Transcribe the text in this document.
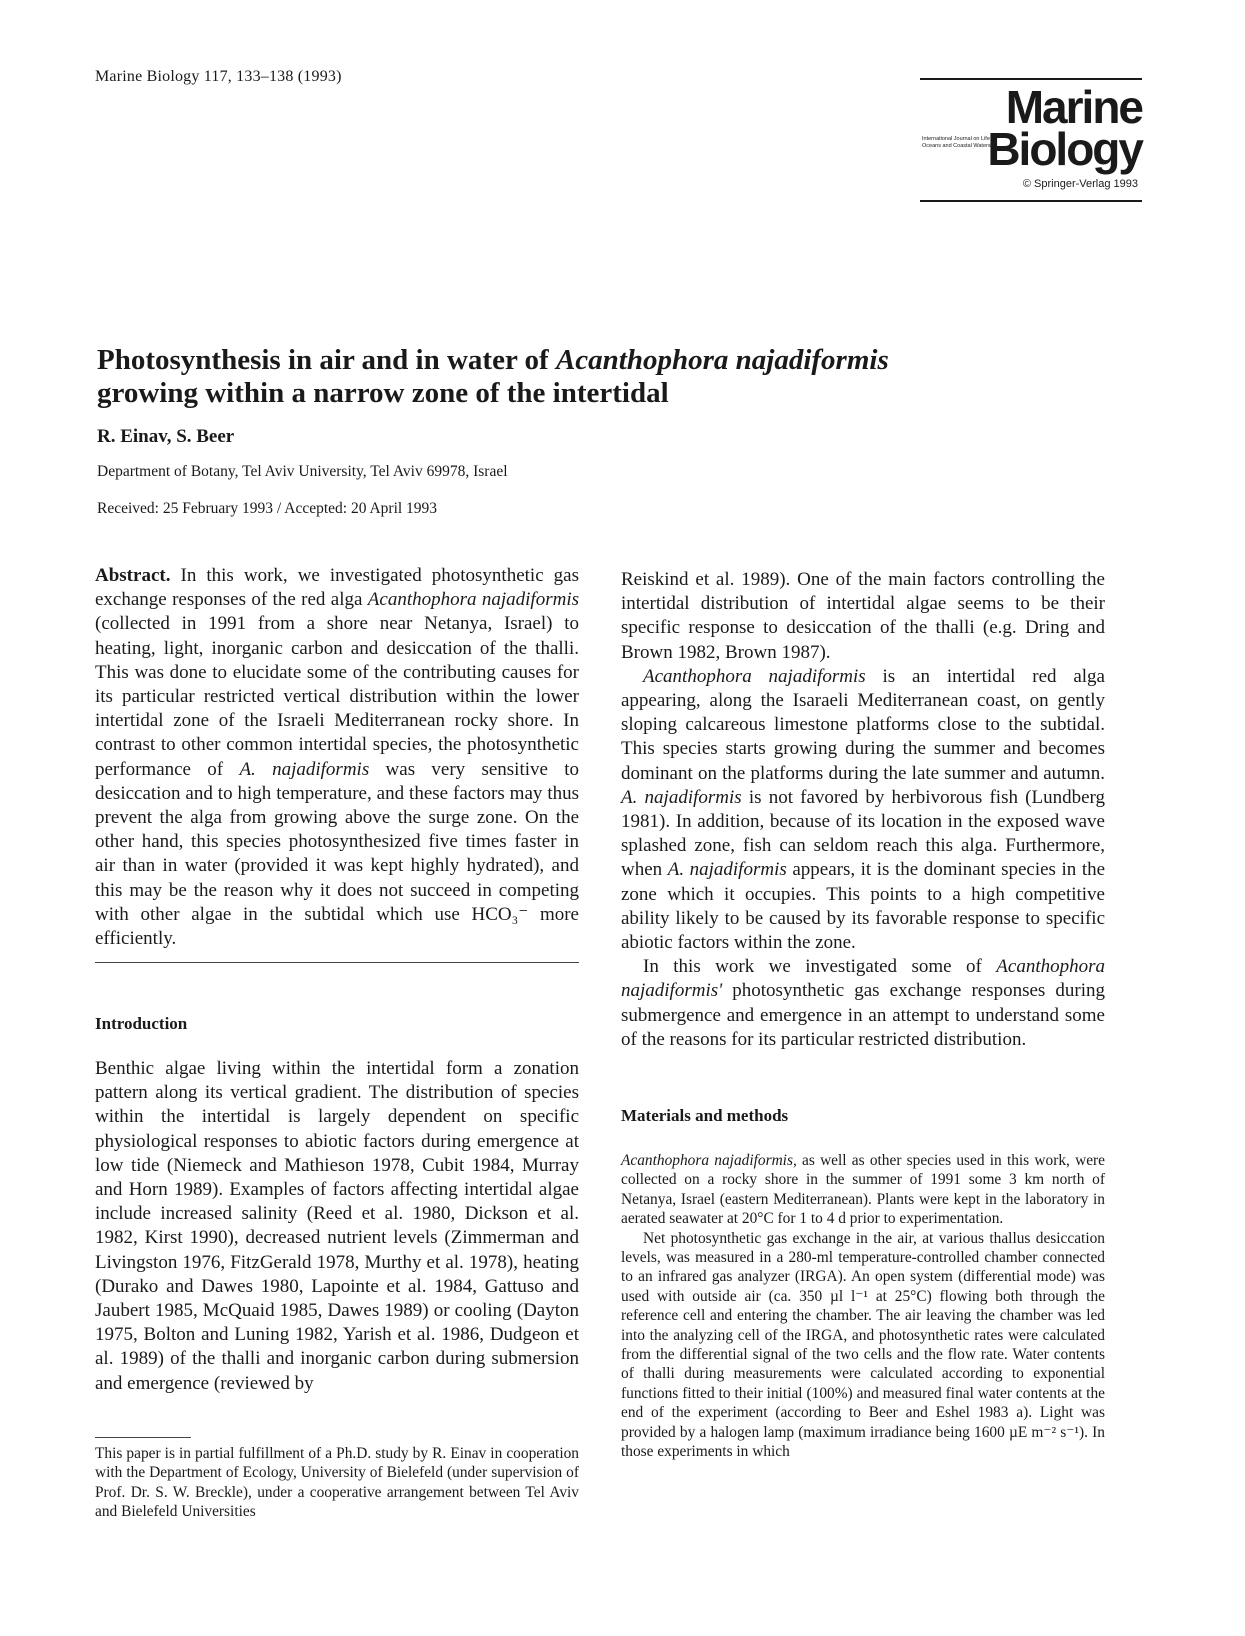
Marine Biology 117, 133–138 (1993)
Marine
International Journal on Life in Oceans and Coastal Waters
Biology
© Springer-Verlag 1993
Photosynthesis in air and in water of Acanthophora najadiformis
growing within a narrow zone of the intertidal
R. Einav, S. Beer
Department of Botany, Tel Aviv University, Tel Aviv 69978, Israel
Received: 25 February 1993 / Accepted: 20 April 1993

Abstract. In this work, we investigated photosynthetic gas exchange responses of the red alga Acanthophora najadiformis (collected in 1991 from a shore near Netanya, Israel) to heating, light, inorganic carbon and desiccation of the thalli. This was done to elucidate some of the contributing causes for its particular restricted vertical distribution within the lower intertidal zone of the Israeli Mediterranean rocky shore. In contrast to other common intertidal species, the photosynthetic performance of A. najadiformis was very sensitive to desiccation and to high temperature, and these factors may thus prevent the alga from growing above the surge zone. On the other hand, this species photosynthesized five times faster in air than in water (provided it was kept highly hydrated), and this may be the reason why it does not succeed in competing with other algae in the subtidal which use HCO₃⁻ more efficiently.

Introduction

Benthic algae living within the intertidal form a zonation pattern along its vertical gradient. The distribution of species within the intertidal is largely dependent on specific physiological responses to abiotic factors during emergence at low tide (Niemeck and Mathieson 1978, Cubit 1984, Murray and Horn 1989). Examples of factors affecting intertidal algae include increased salinity (Reed et al. 1980, Dickson et al. 1982, Kirst 1990), decreased nutrient levels (Zimmerman and Livingston 1976, FitzGerald 1978, Murthy et al. 1978), heating (Durako and Dawes 1980, Lapointe et al. 1984, Gattuso and Jaubert 1985, McQuaid 1985, Dawes 1989) or cooling (Dayton 1975, Bolton and Luning 1982, Yarish et al. 1986, Dudgeon et al. 1989) of the thalli and inorganic carbon during submersion and emergence (reviewed by

This paper is in partial fulfillment of a Ph.D. study by R. Einav in cooperation with the Department of Ecology, University of Bielefeld (under supervision of Prof. Dr. S. W. Breckle), under a cooperative arrangement between Tel Aviv and Bielefeld Universities

Reiskind et al. 1989). One of the main factors controlling the intertidal distribution of intertidal algae seems to be their specific response to desiccation of the thalli (e.g. Dring and Brown 1982, Brown 1987).

Acanthophora najadiformis is an intertidal red alga appearing, along the Isaraeli Mediterranean coast, on gently sloping calcareous limestone platforms close to the subtidal. This species starts growing during the summer and becomes dominant on the platforms during the late summer and autumn. A. najadiformis is not favored by herbivorous fish (Lundberg 1981). In addition, because of its location in the exposed wave splashed zone, fish can seldom reach this alga. Furthermore, when A. najadiformis appears, it is the dominant species in the zone which it occupies. This points to a high competitive ability likely to be caused by its favorable response to specific abiotic factors within the zone.

In this work we investigated some of Acanthophora najadiformis' photosynthetic gas exchange responses during submergence and emergence in an attempt to understand some of the reasons for its particular restricted distribution.

Materials and methods

Acanthophora najadiformis, as well as other species used in this work, were collected on a rocky shore in the summer of 1991 some 3 km north of Netanya, Israel (eastern Mediterranean). Plants were kept in the laboratory in aerated seawater at 20°C for 1 to 4 d prior to experimentation.

Net photosynthetic gas exchange in the air, at various thallus desiccation levels, was measured in a 280-ml temperature-controlled chamber connected to an infrared gas analyzer (IRGA). An open system (differential mode) was used with outside air (ca. 350 µl l⁻¹ at 25°C) flowing both through the reference cell and entering the chamber. The air leaving the chamber was led into the analyzing cell of the IRGA, and photosynthetic rates were calculated from the differential signal of the two cells and the flow rate. Water contents of thalli during measurements were calculated according to exponential functions fitted to their initial (100%) and measured final water contents at the end of the experiment (according to Beer and Eshel 1983 a). Light was provided by a halogen lamp (maximum irradiance being 1600 µE m⁻² s⁻¹). In those experiments in which
